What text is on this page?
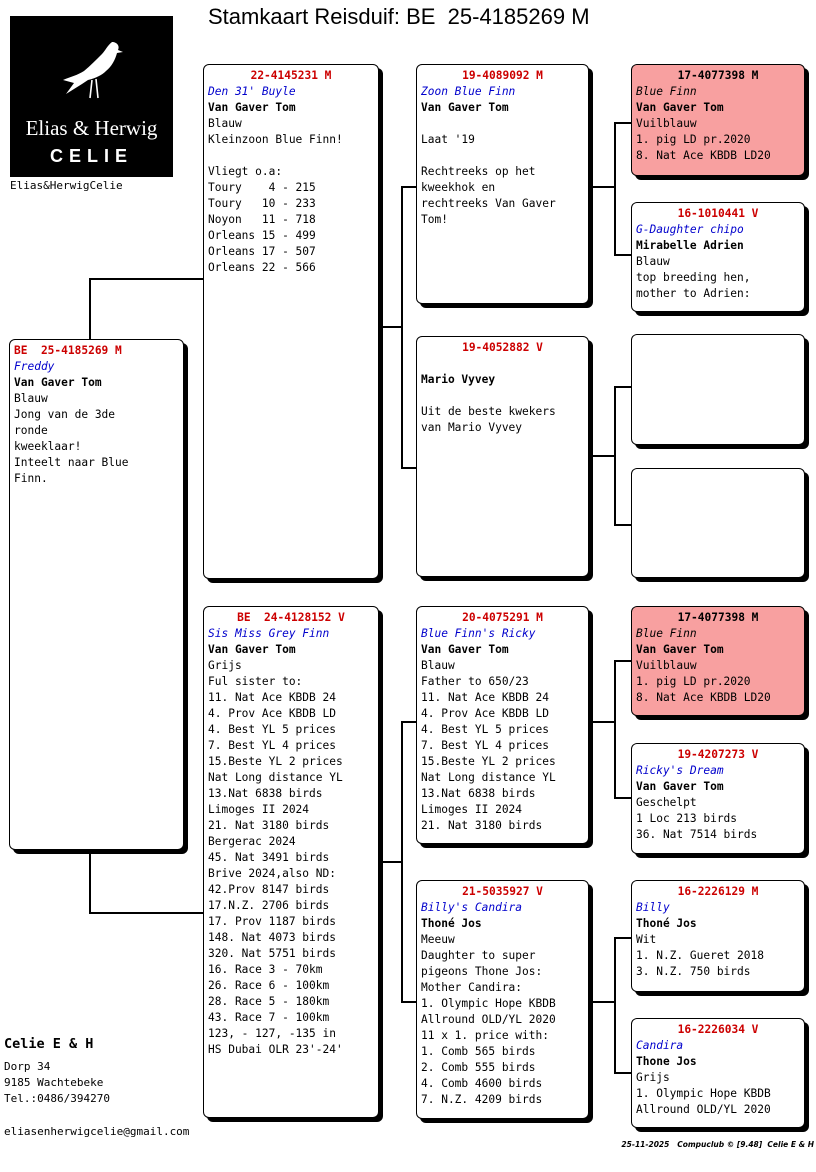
Stamkaart Reisduif: BE  25-4185269 M
Elias & Herwig
CELIE
Elias&HerwigCelie
BE  25-4185269 M
Freddy
Van Gaver Tom
Blauw
Jong van de 3de
ronde
kweeklaar!
Inteelt naar Blue
Finn.
22-4145231 M
Den 31' Buyle
Van Gaver Tom
Blauw
Kleinzoon Blue Finn!
Vliegt o.a:
Toury    4 - 215
Toury   10 - 233
Noyon   11 - 718
Orleans 15 - 499
Orleans 17 - 507
Orleans 22 - 566
BE  24-4128152 V
Sis Miss Grey Finn
Van Gaver Tom
Grijs
Ful sister to:
11. Nat Ace KBDB 24
4. Prov Ace KBDB LD
4. Best YL 5 prices
7. Best YL 4 prices
15.Beste YL 2 prices
Nat Long distance YL
13.Nat 6838 birds
Limoges II 2024
21. Nat 3180 birds
Bergerac 2024
45. Nat 3491 birds
Brive 2024,also ND:
42.Prov 8147 birds
17.N.Z. 2706 birds
17. Prov 1187 birds
148. Nat 4073 birds
320. Nat 5751 birds
16. Race 3 - 70km
26. Race 6 - 100km
28. Race 5 - 180km
43. Race 7 - 100km
123, - 127, -135 in
HS Dubai OLR 23'-24'
19-4089092 M
Zoon Blue Finn
Van Gaver Tom
Laat '19
Rechtreeks op het
kweekhok en
rechtreeks Van Gaver
Tom!
19-4052882 V
Mario Vyvey
Uit de beste kwekers
van Mario Vyvey
20-4075291 M
Blue Finn's Ricky
Van Gaver Tom
Blauw
Father to 650/23
11. Nat Ace KBDB 24
4. Prov Ace KBDB LD
4. Best YL 5 prices
7. Best YL 4 prices
15.Beste YL 2 prices
Nat Long distance YL
13.Nat 6838 birds
Limoges II 2024
21. Nat 3180 birds
21-5035927 V
Billy's Candira
Thoné Jos
Meeuw
Daughter to super
pigeons Thone Jos:
Mother Candira:
1. Olympic Hope KBDB
Allround OLD/YL 2020
11 x 1. price with:
1. Comb 565 birds
2. Comb 555 birds
4. Comb 4600 birds
7. N.Z. 4209 birds
17-4077398 M
Blue Finn
Van Gaver Tom
Vuilblauw
1. pig LD pr.2020
8. Nat Ace KBDB LD20
16-1010441 V
G-Daughter chipo
Mirabelle Adrien
Blauw
top breeding hen,
mother to Adrien:
17-4077398 M
Blue Finn
Van Gaver Tom
Vuilblauw
1. pig LD pr.2020
8. Nat Ace KBDB LD20
19-4207273 V
Ricky's Dream
Van Gaver Tom
Geschelpt
1 Loc 213 birds
36. Nat 7514 birds
16-2226129 M
Billy
Thoné Jos
Wit
1. N.Z. Gueret 2018
3. N.Z. 750 birds
16-2226034 V
Candira
Thone Jos
Grijs
1. Olympic Hope KBDB
Allround OLD/YL 2020
Celie E & H
Dorp 34
9185 Wachtebeke
Tel.:0486/394270
eliasenherwigcelie@gmail.com
25-11-2025   Compuclub © [9.48]  Celie E & H
